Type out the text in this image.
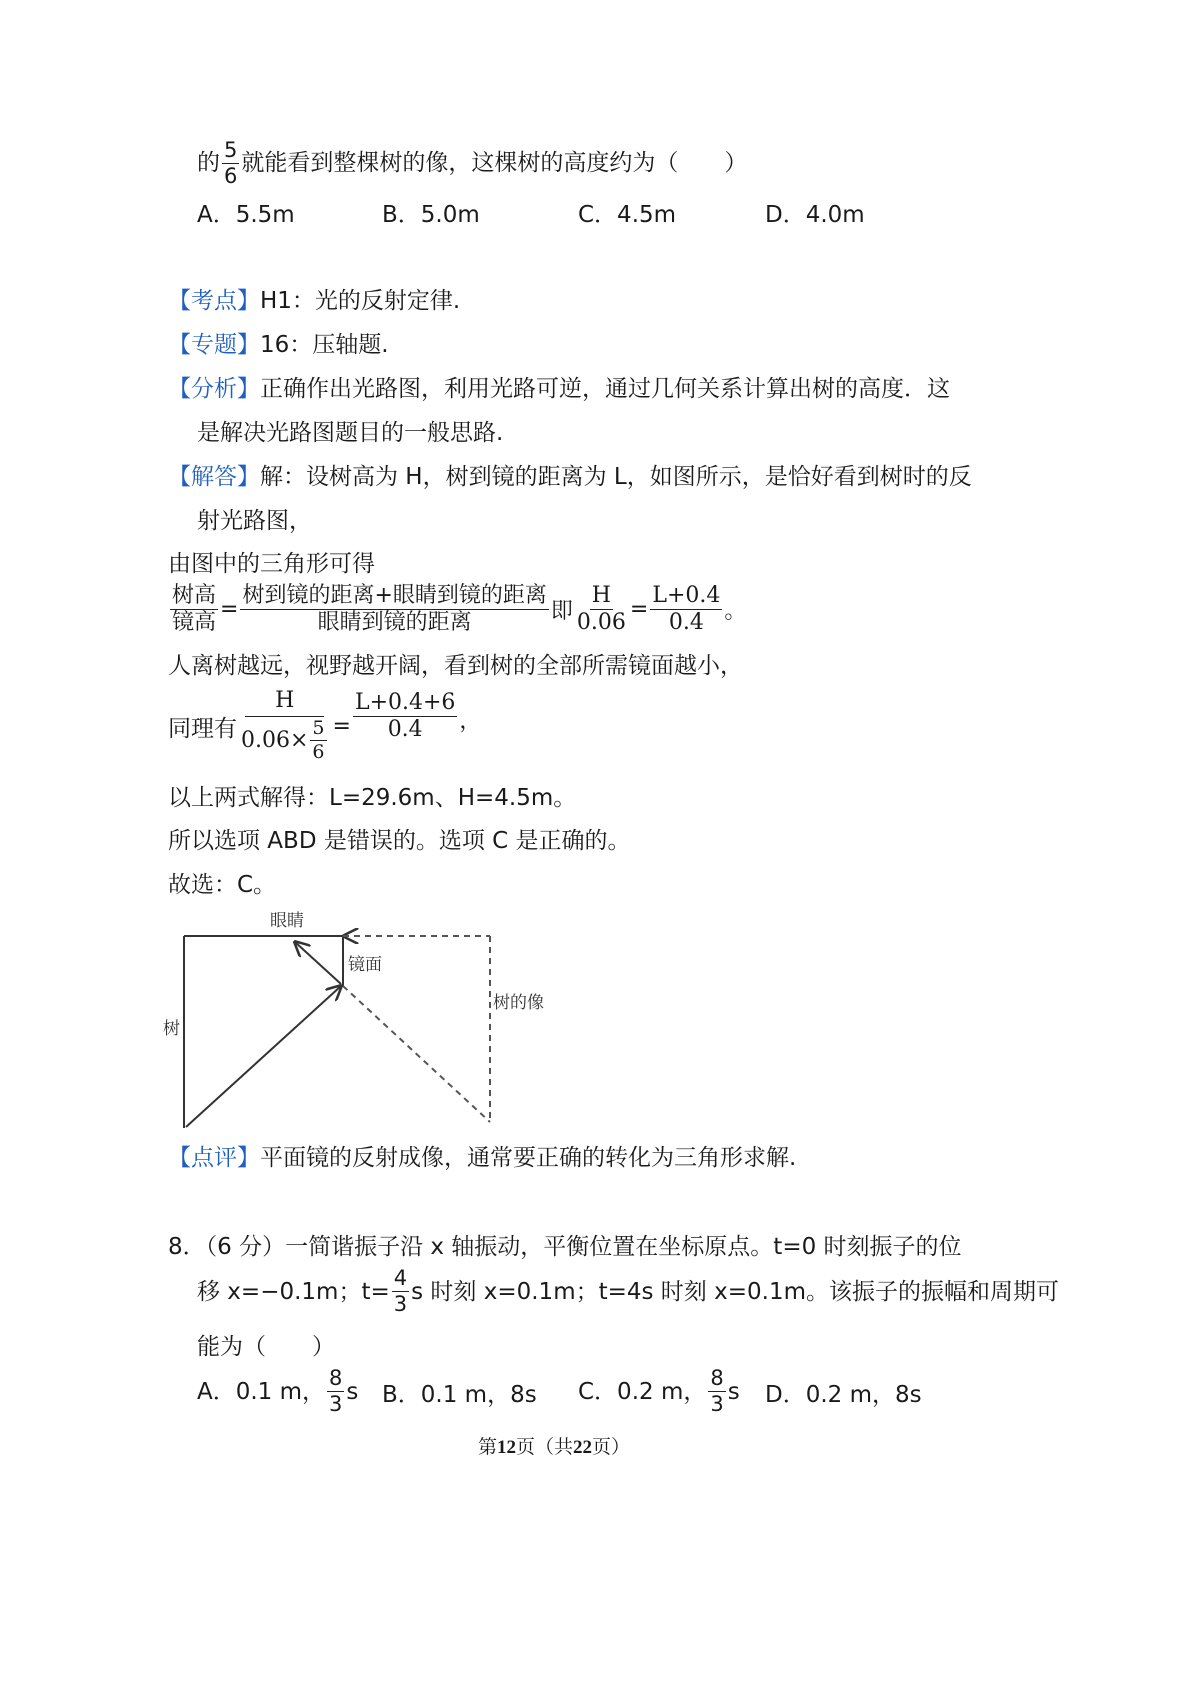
的 $\frac{5}{6}$ 就能看到整棵树的像，这棵树的高度约为（　　）
A．5.5m	B．5.0m	C．4.5m	D．4.0m
【考点】H1：光的反射定律.
【专题】16：压轴题.
【分析】正确作出光路图，利用光路可逆，通过几何关系计算出树的高度．这
是解决光路图题目的一般思路.
【解答】解：设树高为 H，树到镜的距离为 L，如图所示，是恰好看到树时的反
射光路图，
由图中的三角形可得
$\frac{\text{树高}}{\text{镜高}} = \frac{\text{树到镜的距离+眼睛到镜的距离}}{\text{眼睛到镜的距离}}$ 即 $\frac{H}{0.06} = \frac{L+0.4}{0.4}$ 。
人离树越远，视野越开阔，看到树的全部所需镜面越小，
同理有 $\frac{H}{0.06\times \frac{5}{6}} = \frac{L+0.4+6}{0.4}$ ，
以上两式解得：L=29.6m、H=4.5m。
所以选项 ABD 是错误的。选项 C 是正确的。
故选：C。
眼睛
镜面
树的像
树
【点评】平面镜的反射成像，通常要正确的转化为三角形求解.
8．（6 分）一简谐振子沿 x 轴振动，平衡位置在坐标原点。t=0 时刻振子的位
移 x=−0.1m；$t= \frac{4}{3}$ s 时刻 x=0.1m；t=4s 时刻 x=0.1m。该振子的振幅和周期可
能为（　　）
A．0.1 m， $\frac{8}{3}$ s B．0.1 m，8s C．0.2 m， $\frac{8}{3}$ s D．0.2 m，8s
第12页（共22页）
